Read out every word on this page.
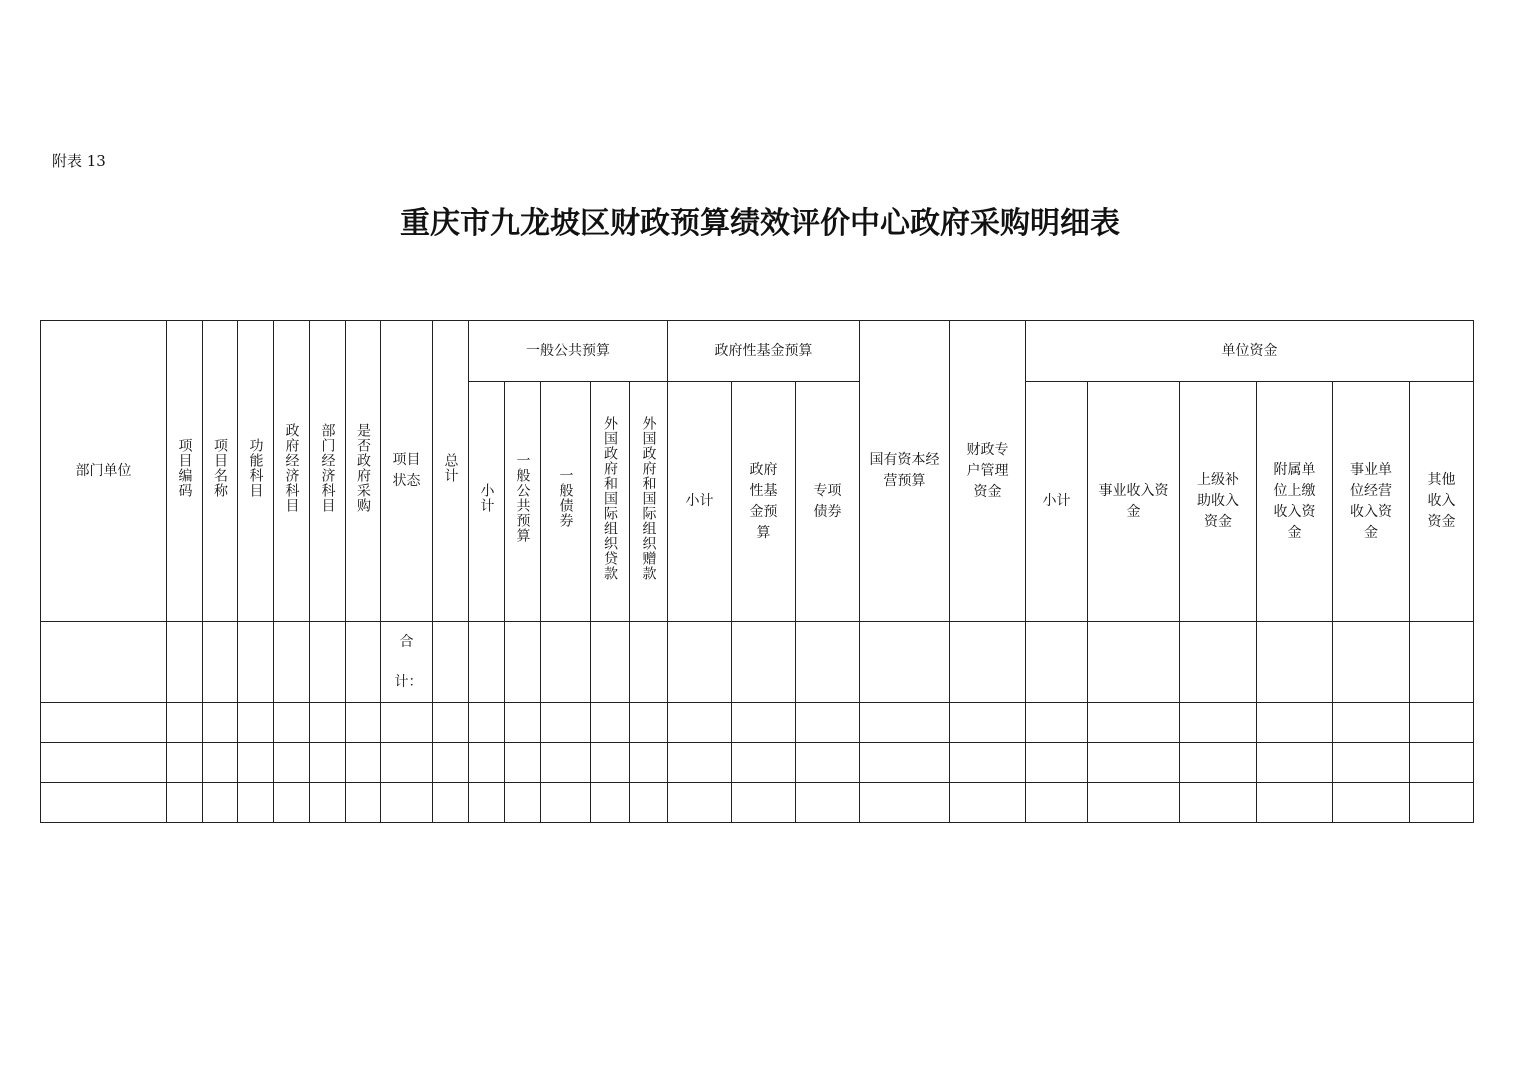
附表 13
重庆市九龙坡区财政预算绩效评价中心政府采购明细表
部门单位	项目编码	项目名称	功能科目	政府经济科目	部门经济科目	是否政府采购	项目状态	总计	一般公共预算					政府性基金预算			国有资本经营预算	财政专户管理资金	单位资金					
									小计	一般公共预算	一般债券	外国政府和国际组织贷款	外国政府和国际组织赠款	小计	政府性基金预算	专项债券			小计	事业收入资金	上级补助收入资金	附属单位上缴收入资金	事业单位经营收入资金	其他收入资金

							合计：																	
